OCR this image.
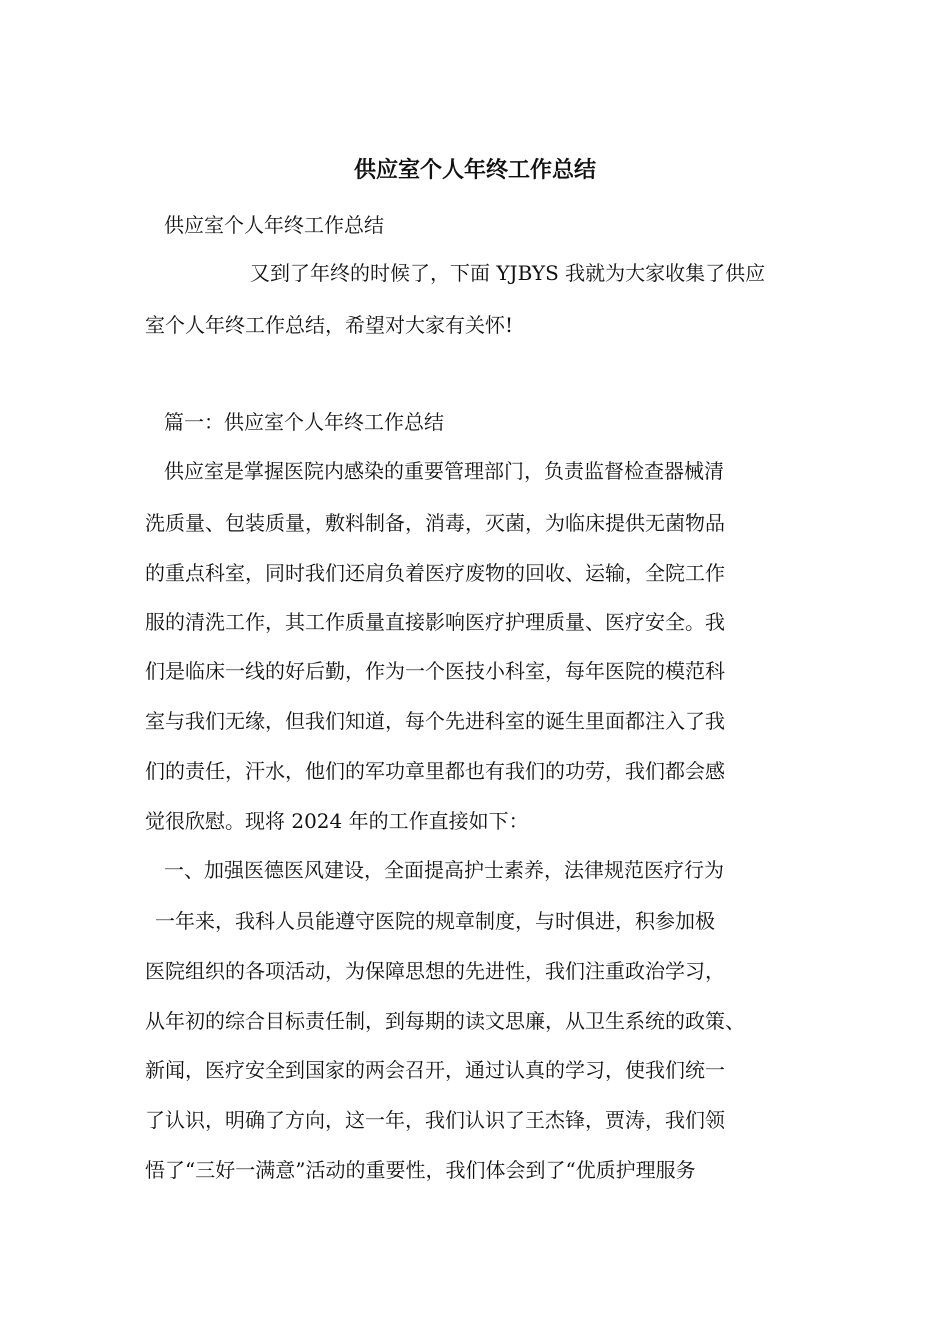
供应室个人年终工作总结
供应室个人年终工作总结
又到了年终的时候了，下面 YJBYS 我就为大家收集了供应
室个人年终工作总结，希望对大家有关怀!
篇一：供应室个人年终工作总结
供应室是掌握医院内感染的重要管理部门，负责监督检查器械清
洗质量、包装质量，敷料制备，消毒，灭菌，为临床提供无菌物品
的重点科室，同时我们还肩负着医疗废物的回收、运输，全院工作
服的清洗工作，其工作质量直接影响医疗护理质量、医疗安全。我
们是临床一线的好后勤，作为一个医技小科室，每年医院的模范科
室与我们无缘，但我们知道，每个先进科室的诞生里面都注入了我
们的责任，汗水，他们的军功章里都也有我们的功劳，我们都会感
觉很欣慰。现将 2024 年的工作直接如下：
一、加强医德医风建设，全面提高护士素养，法律规范医疗行为
一年来，我科人员能遵守医院的规章制度，与时俱进，积参加极
医院组织的各项活动，为保障思想的先进性，我们注重政治学习，
从年初的综合目标责任制，到每期的读文思廉，从卫生系统的政策、
新闻，医疗安全到国家的两会召开，通过认真的学习，使我们统一
了认识，明确了方向，这一年，我们认识了王杰锋，贾涛，我们领
悟了“三好一满意”活动的重要性，我们体会到了“优质护理服务
